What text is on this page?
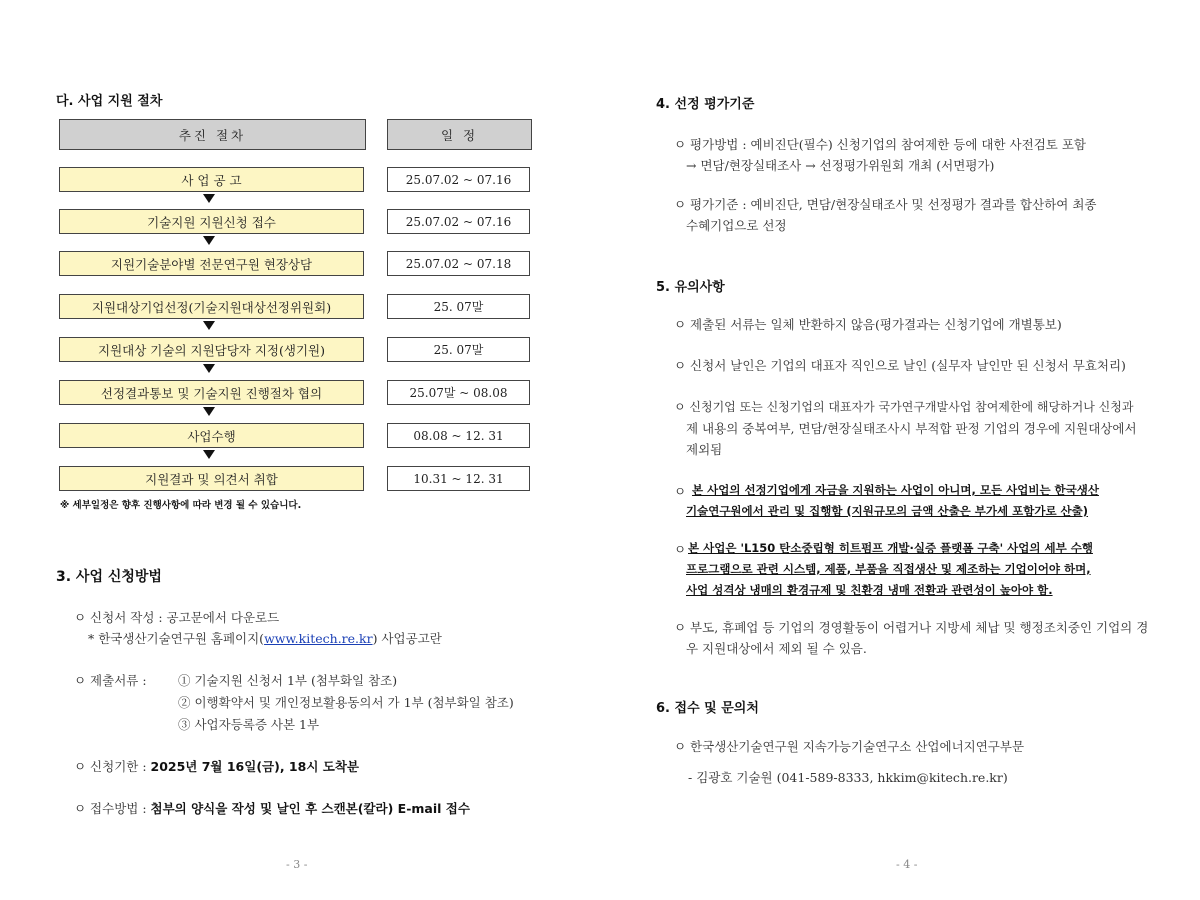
다. 사업 지원 절차
추진 절차	일 정
사 업 공 고	25.07.02 ~ 07.16
기술지원 지원신청 접수	25.07.02 ~ 07.16
지원기술분야별 전문연구원 현장상담	25.07.02 ~ 07.18
지원대상기업선정(기술지원대상선정위원회)	25. 07말
지원대상 기술의 지원담당자 지정(생기원)	25. 07말
선정결과통보 및 기술지원 진행절차 협의	25.07말 ~ 08.08
사업수행	08.08 ~ 12. 31
지원결과 및 의견서 취합	10.31 ~ 12. 31
※ 세부일정은 향후 진행사항에 따라 변경 될 수 있습니다.
3. 사업 신청방법
ㅇ 신청서 작성 : 공고문에서 다운로드
* 한국생산기술연구원 홈페이지(www.kitech.re.kr) 사업공고란
ㅇ 제출서류 :	① 기술지원 신청서 1부 (첨부화일 참조)
② 이행확약서 및 개인정보활용동의서 가 1부 (첨부화일 참조)
③ 사업자등록증 사본 1부
ㅇ 신청기한 : 2025년 7월 16일(금), 18시 도착분
ㅇ 접수방법 : 첨부의 양식을 작성 및 날인 후 스캔본(칼라) E-mail 접수
- 3 -
4. 선정 평가기준
ㅇ 평가방법 : 예비진단(필수) 신청기업의 참여제한 등에 대한 사전검토 포함
→ 면담/현장실태조사 → 선정평가위원회 개최 (서면평가)
ㅇ 평가기준 : 예비진단, 면담/현장실태조사 및 선정평가 결과를 합산하여 최종
수혜기업으로 선정
5. 유의사항
ㅇ 제출된 서류는 일체 반환하지 않음(평가결과는 신청기업에 개별통보)
ㅇ 신청서 날인은 기업의 대표자 직인으로 날인 (실무자 날인만 된 신청서 무효처리)
ㅇ 신청기업 또는 신청기업의 대표자가 국가연구개발사업 참여제한에 해당하거나 신청과
제 내용의 중복여부, 면담/현장실태조사시 부적합 판정 기업의 경우에 지원대상에서
제외됨
ㅇ 본 사업의 선정기업에게 자금을 지원하는 사업이 아니며, 모든 사업비는 한국생산
기술연구원에서 관리 및 집행함 (지원규모의 금액 산출은 부가세 포함가로 산출)
ㅇ 본 사업은 'L150 탄소중립형 히트펌프 개발·실증 플랫폼 구축' 사업의 세부 수행
프로그램으로 관련 시스템, 제품, 부품을 직접생산 및 제조하는 기업이어야 하며,
사업 성격상 냉매의 환경규제 및 친환경 냉매 전환과 관련성이 높아야 함.
ㅇ 부도, 휴폐업 등 기업의 경영활동이 어렵거나 지방세 체납 및 행정조치중인 기업의 경
우 지원대상에서 제외 될 수 있음.
6. 접수 및 문의처
ㅇ 한국생산기술연구원 지속가능기술연구소 산업에너지연구부문
- 김광호 기술원 (041-589-8333, hkkim@kitech.re.kr)
- 4 -
